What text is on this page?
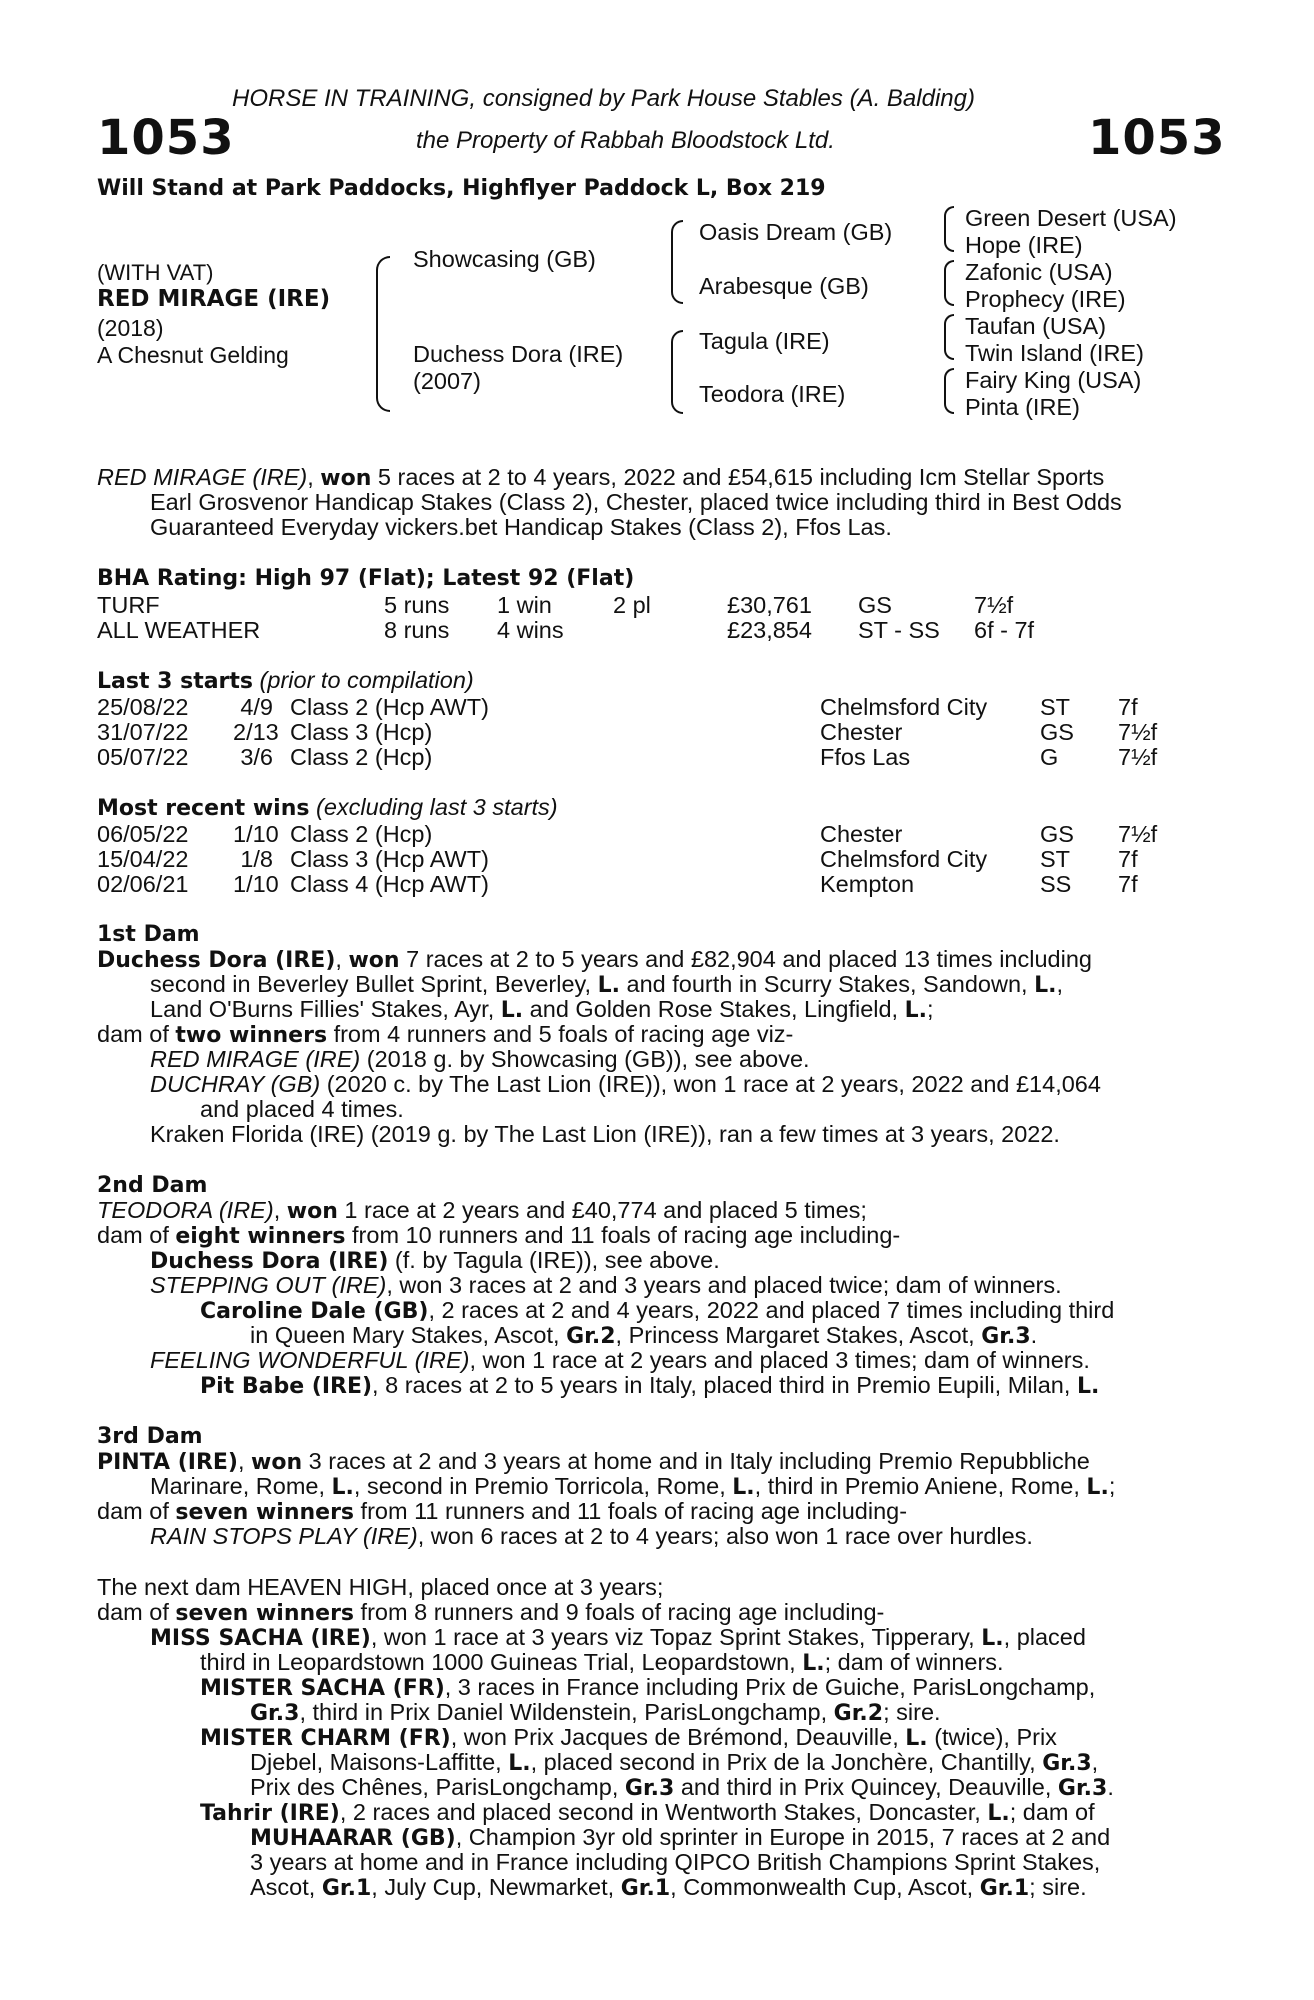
HORSE IN TRAINING, consigned by Park House Stables (A. Balding)
1053	the Property of Rabbah Bloodstock Ltd.	1053
Will Stand at Park Paddocks, Highflyer Paddock L, Box 219
(WITH VAT)
RED MIRAGE (IRE)
(2018)
A Chesnut Gelding
Showcasing (GB)
Duchess Dora (IRE)
(2007)
Oasis Dream (GB)
Arabesque (GB)
Tagula (IRE)
Teodora (IRE)
Green Desert (USA)
Hope (IRE)
Zafonic (USA)
Prophecy (IRE)
Taufan (USA)
Twin Island (IRE)
Fairy King (USA)
Pinta (IRE)
RED MIRAGE (IRE), won 5 races at 2 to 4 years, 2022 and £54,615 including Icm Stellar Sports
Earl Grosvenor Handicap Stakes (Class 2), Chester, placed twice including third in Best Odds
Guaranteed Everyday vickers.bet Handicap Stakes (Class 2), Ffos Las.
BHA Rating: High 97 (Flat); Latest 92 (Flat)
TURF	5 runs 1 win	2 pl	£30,761 GS	7½f
ALL WEATHER	8 runs 4 wins	£23,854 ST - SS 6f - 7f
Last 3 starts (prior to compilation)
25/08/22	4/9 Class 2 (Hcp AWT)	Chelmsford City ST 7f
31/07/22 2/13 Class 3 (Hcp)	Chester	GS 7½f
05/07/22	3/6 Class 2 (Hcp)	Ffos Las	G	7½f
Most recent wins (excluding last 3 starts)
06/05/22 1/10 Class 2 (Hcp)	Chester	GS 7½f
15/04/22	1/8 Class 3 (Hcp AWT)	Chelmsford City ST 7f
02/06/21 1/10 Class 4 (Hcp AWT)	Kempton	SS 7f
1st Dam
Duchess Dora (IRE), won 7 races at 2 to 5 years and £82,904 and placed 13 times including
second in Beverley Bullet Sprint, Beverley, L. and fourth in Scurry Stakes, Sandown, L.,
Land O'Burns Fillies' Stakes, Ayr, L. and Golden Rose Stakes, Lingfield, L.;
dam of two winners from 4 runners and 5 foals of racing age viz-
RED MIRAGE (IRE) (2018 g. by Showcasing (GB)), see above.
DUCHRAY (GB) (2020 c. by The Last Lion (IRE)), won 1 race at 2 years, 2022 and £14,064
and placed 4 times.
Kraken Florida (IRE) (2019 g. by The Last Lion (IRE)), ran a few times at 3 years, 2022.
2nd Dam
TEODORA (IRE), won 1 race at 2 years and £40,774 and placed 5 times;
dam of eight winners from 10 runners and 11 foals of racing age including-
Duchess Dora (IRE) (f. by Tagula (IRE)), see above.
STEPPING OUT (IRE), won 3 races at 2 and 3 years and placed twice; dam of winners.
Caroline Dale (GB), 2 races at 2 and 4 years, 2022 and placed 7 times including third
in Queen Mary Stakes, Ascot, Gr.2, Princess Margaret Stakes, Ascot, Gr.3.
FEELING WONDERFUL (IRE), won 1 race at 2 years and placed 3 times; dam of winners.
Pit Babe (IRE), 8 races at 2 to 5 years in Italy, placed third in Premio Eupili, Milan, L.
3rd Dam
PINTA (IRE), won 3 races at 2 and 3 years at home and in Italy including Premio Repubbliche
Marinare, Rome, L., second in Premio Torricola, Rome, L., third in Premio Aniene, Rome, L.;
dam of seven winners from 11 runners and 11 foals of racing age including-
RAIN STOPS PLAY (IRE), won 6 races at 2 to 4 years; also won 1 race over hurdles.
The next dam HEAVEN HIGH, placed once at 3 years;
dam of seven winners from 8 runners and 9 foals of racing age including-
MISS SACHA (IRE), won 1 race at 3 years viz Topaz Sprint Stakes, Tipperary, L., placed
third in Leopardstown 1000 Guineas Trial, Leopardstown, L.; dam of winners.
MISTER SACHA (FR), 3 races in France including Prix de Guiche, ParisLongchamp,
Gr.3, third in Prix Daniel Wildenstein, ParisLongchamp, Gr.2; sire.
MISTER CHARM (FR), won Prix Jacques de Brémond, Deauville, L. (twice), Prix
Djebel, Maisons-Laffitte, L., placed second in Prix de la Jonchère, Chantilly, Gr.3,
Prix des Chênes, ParisLongchamp, Gr.3 and third in Prix Quincey, Deauville, Gr.3.
Tahrir (IRE), 2 races and placed second in Wentworth Stakes, Doncaster, L.; dam of
MUHAARAR (GB), Champion 3yr old sprinter in Europe in 2015, 7 races at 2 and
3 years at home and in France including QIPCO British Champions Sprint Stakes,
Ascot, Gr.1, July Cup, Newmarket, Gr.1, Commonwealth Cup, Ascot, Gr.1; sire.
